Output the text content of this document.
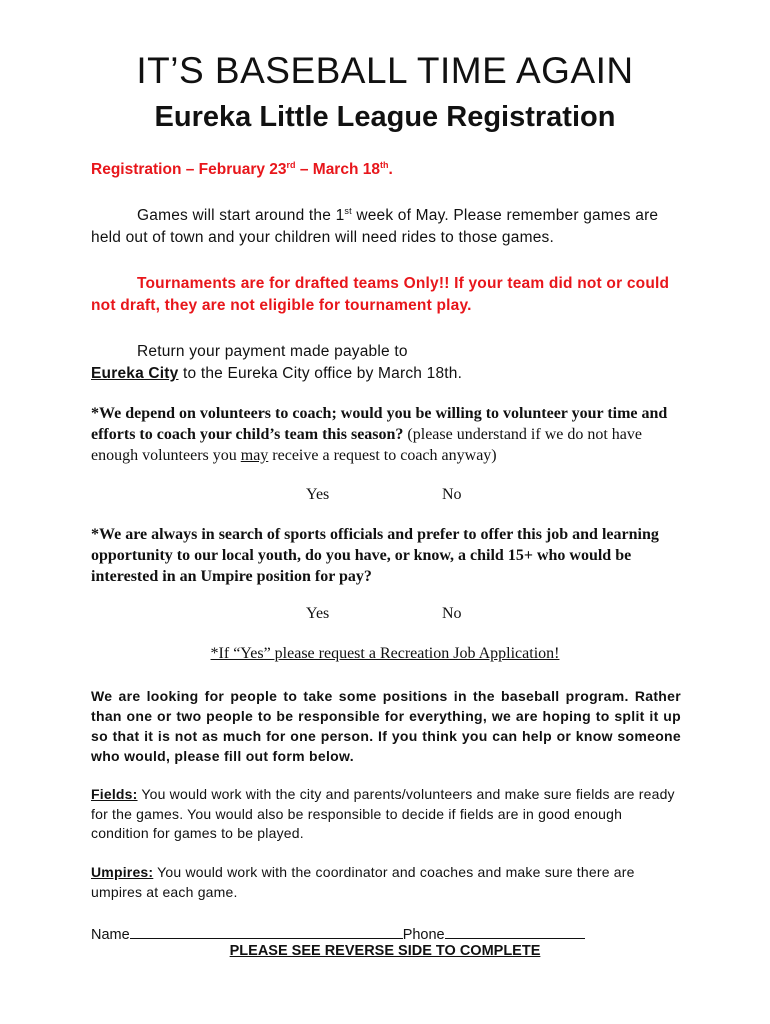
IT’S BASEBALL TIME AGAIN
Eureka Little League Registration
Registration – February 23rd – March 18th.
Games will start around the 1st week of May. Please remember games are held out of town and your children will need rides to those games.
Tournaments are for drafted teams Only!! If your team did not or could not draft, they are not eligible for tournament play.
Return your payment made payable to
Eureka City to the Eureka City office by March 18th.
*We depend on volunteers to coach; would you be willing to volunteer your time and efforts to coach your child’s team this season? (please understand if we do not have enough volunteers you may receive a request to coach anyway)
Yes	No
*We are always in search of sports officials and prefer to offer this job and learning opportunity to our local youth, do you have, or know, a child 15+ who would be interested in an Umpire position for pay?
Yes	No
*If “Yes” please request a Recreation Job Application!
We are looking for people to take some positions in the baseball program. Rather than one or two people to be responsible for everything, we are hoping to split it up so that it is not as much for one person. If you think you can help or know someone who would, please fill out form below.
Fields: You would work with the city and parents/volunteers and make sure fields are ready for the games. You would also be responsible to decide if fields are in good enough condition for games to be played.
Umpires: You would work with the coordinator and coaches and make sure there are umpires at each game.
Name	Phone
PLEASE SEE REVERSE SIDE TO COMPLETE
